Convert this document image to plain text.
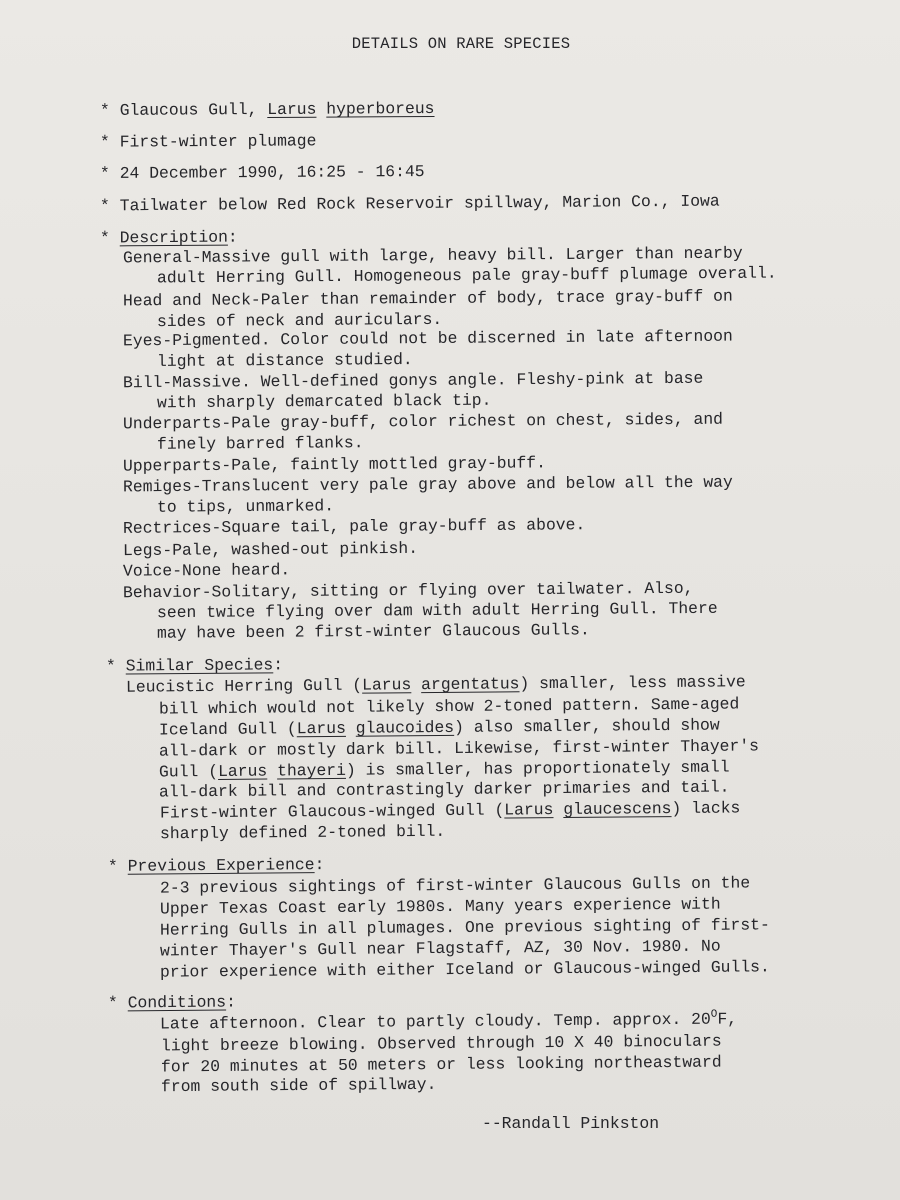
DETAILS ON RARE SPECIES
* Glaucous Gull, Larus hyperboreus
* First-winter plumage
* 24 December 1990, 16:25 - 16:45
* Tailwater below Red Rock Reservoir spillway, Marion Co., Iowa
* Description:
General-Massive gull with large, heavy bill. Larger than nearby
adult Herring Gull. Homogeneous pale gray-buff plumage overall.
Head and Neck-Paler than remainder of body, trace gray-buff on
sides of neck and auriculars.
Eyes-Pigmented. Color could not be discerned in late afternoon
light at distance studied.
Bill-Massive. Well-defined gonys angle. Fleshy-pink at base
with sharply demarcated black tip.
Underparts-Pale gray-buff, color richest on chest, sides, and
finely barred flanks.
Upperparts-Pale, faintly mottled gray-buff.
Remiges-Translucent very pale gray above and below all the way
to tips, unmarked.
Rectrices-Square tail, pale gray-buff as above.
Legs-Pale, washed-out pinkish.
Voice-None heard.
Behavior-Solitary, sitting or flying over tailwater. Also,
seen twice flying over dam with adult Herring Gull. There
may have been 2 first-winter Glaucous Gulls.
* Similar Species:
Leucistic Herring Gull (Larus argentatus) smaller, less massive
bill which would not likely show 2-toned pattern. Same-aged
Iceland Gull (Larus glaucoides) also smaller, should show
all-dark or mostly dark bill. Likewise, first-winter Thayer's
Gull (Larus thayeri) is smaller, has proportionately small
all-dark bill and contrastingly darker primaries and tail.
First-winter Glaucous-winged Gull (Larus glaucescens) lacks
sharply defined 2-toned bill.
* Previous Experience:
2-3 previous sightings of first-winter Glaucous Gulls on the
Upper Texas Coast early 1980s. Many years experience with
Herring Gulls in all plumages. One previous sighting of first-
winter Thayer's Gull near Flagstaff, AZ, 30 Nov. 1980. No
prior experience with either Iceland or Glaucous-winged Gulls.
* Conditions:
Late afternoon. Clear to partly cloudy. Temp. approx. $20^OF$,
light breeze blowing. Observed through 10 X 40 binoculars
for 20 minutes at 50 meters or less looking northeastward
from south side of spillway.
--Randall Pinkston
